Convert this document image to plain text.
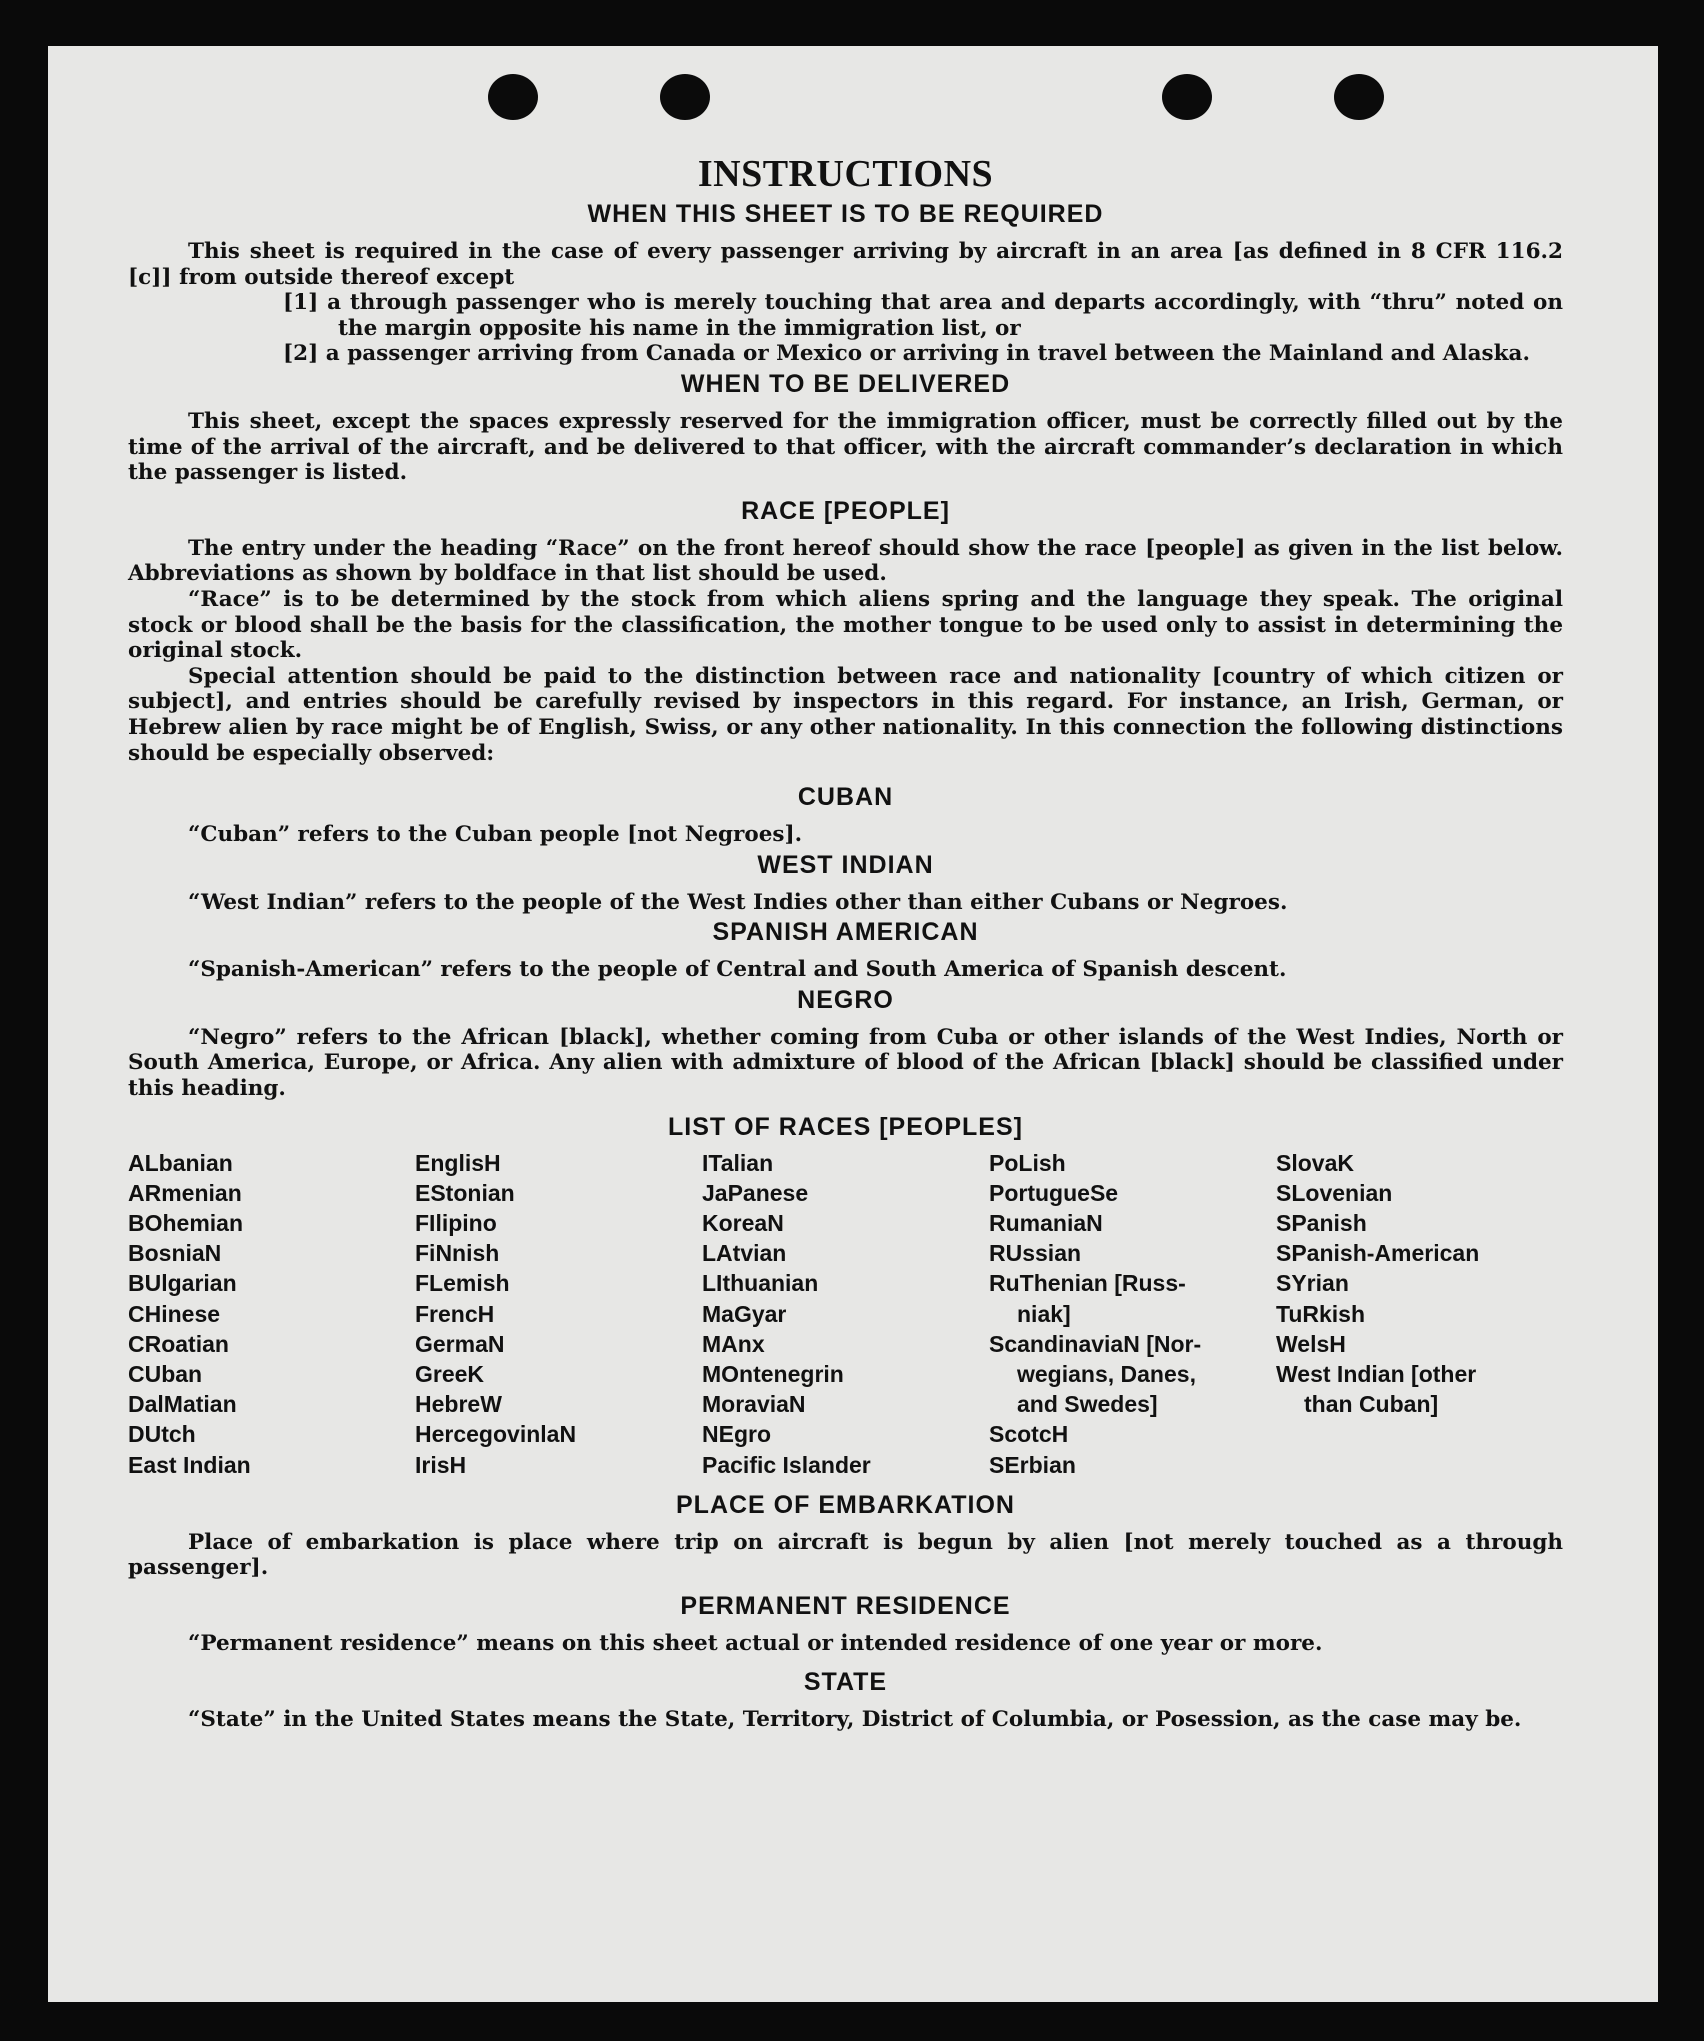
INSTRUCTIONS
WHEN THIS SHEET IS TO BE REQUIRED

This sheet is required in the case of every passenger arriving by aircraft in an area [as defined in 8 CFR 116.2 [c]] from outside thereof except

[1] a through passenger who is merely touching that area and departs accordingly, with “thru” noted on the margin opposite his name in the immigration list, or

[2] a passenger arriving from Canada or Mexico or arriving in travel between the Mainland and Alaska.

WHEN TO BE DELIVERED

This sheet, except the spaces expressly reserved for the immigration officer, must be correctly filled out by the time of the arrival of the aircraft, and be delivered to that officer, with the aircraft commander’s declaration in which the passenger is listed.

RACE [PEOPLE]

The entry under the heading “Race” on the front hereof should show the race [people] as given in the list below. Abbreviations as shown by boldface in that list should be used.

“Race” is to be determined by the stock from which aliens spring and the language they speak. The original stock or blood shall be the basis for the classification, the mother tongue to be used only to assist in determining the original stock.

Special attention should be paid to the distinction between race and nationality [country of which citizen or subject], and entries should be carefully revised by inspectors in this regard. For instance, an Irish, German, or Hebrew alien by race might be of English, Swiss, or any other nationality. In this connection the following distinctions should be especially observed:

CUBAN

“Cuban” refers to the Cuban people [not Negroes].

WEST INDIAN

“West Indian” refers to the people of the West Indies other than either Cubans or Negroes.

SPANISH AMERICAN

“Spanish-American” refers to the people of Central and South America of Spanish descent.

NEGRO

“Negro” refers to the African [black], whether coming from Cuba or other islands of the West Indies, North or South America, Europe, or Africa. Any alien with admixture of blood of the African [black] should be classified under this heading.

LIST OF RACES [PEOPLES]
ALbanian
ARmenian
BOhemian
BosniaN
BUlgarian
CHinese
CRoatian
CUban
DalMatian
DUtch
East Indian
EnglisH
EStonian
FIlipino
FiNnish
FLemish
FrencH
GermaN
GreeK
HebreW
HercegovinlaN
IrisH
ITalian
JaPanese
KoreaN
LAtvian
LIthuanian
MaGyar
MAnx
MOntenegrin
MoraviaN
NEgro
Pacific Islander
PoLish
PortugueSe
RumaniaN
RUssian
RuThenian [Russ-
niak]
ScandinaviaN [Nor-
wegians, Danes,
and Swedes]
ScotcH
SErbian
SlovaK
SLovenian
SPanish
SPanish-American
SYrian
TuRkish
WelsH
West Indian [other
than Cuban]
PLACE OF EMBARKATION

Place of embarkation is place where trip on aircraft is begun by alien [not merely touched as a through passenger].

PERMANENT RESIDENCE

“Permanent residence” means on this sheet actual or intended residence of one year or more.

STATE

“State” in the United States means the State, Territory, District of Columbia, or Posession, as the case may be.
